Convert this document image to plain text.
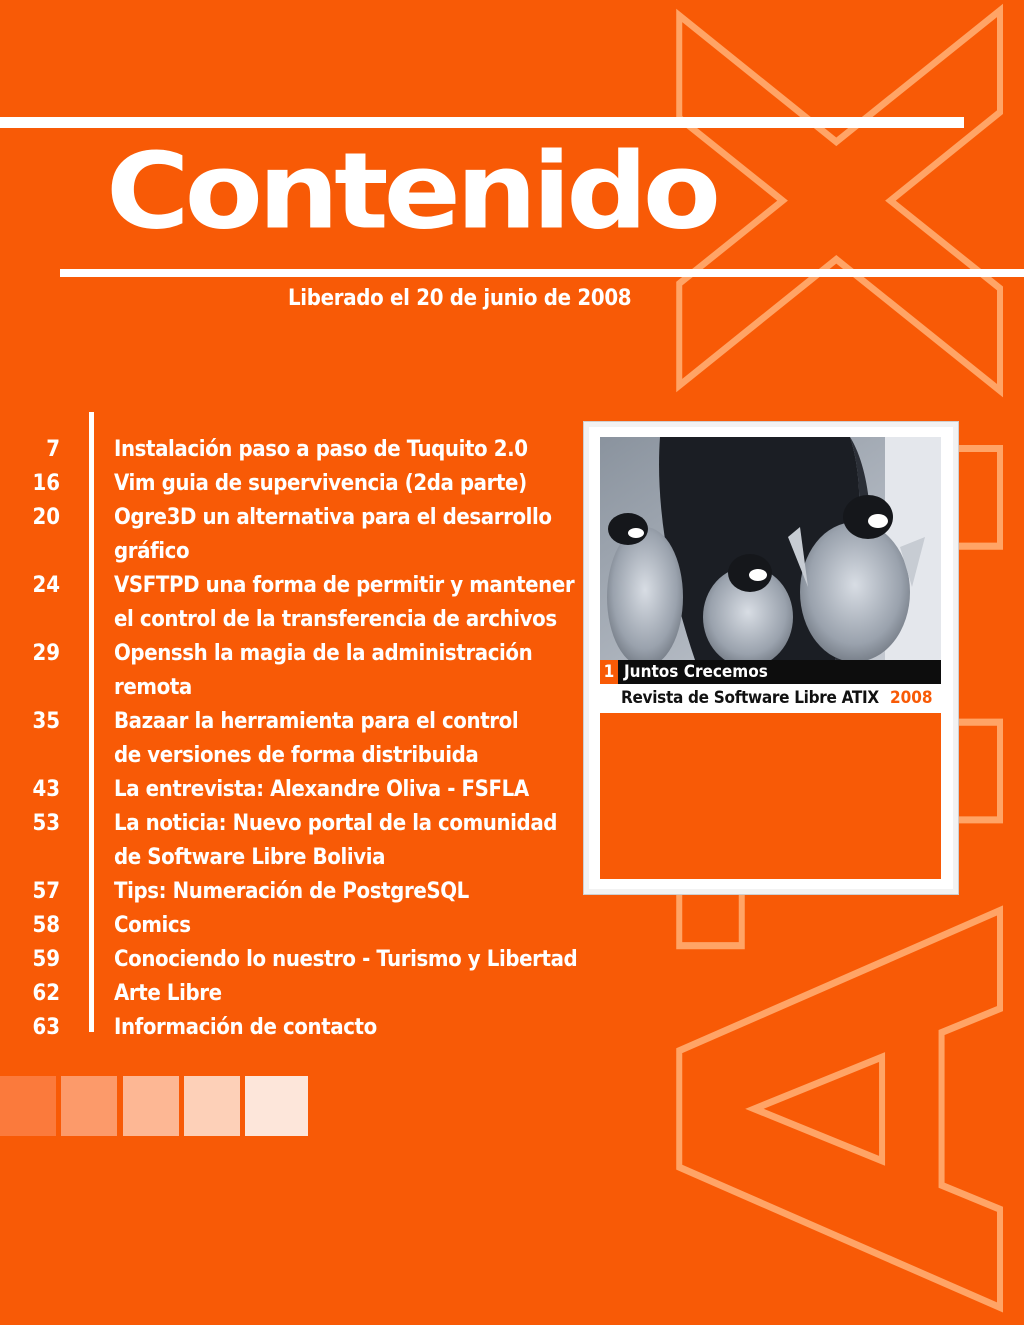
Contenido
Liberado el 20 de junio de 2008
7 Instalación paso a paso de Tuquito 2.0
16 Vim guia de supervivencia (2da parte)
20 Ogre3D un alternativa para el desarrollo
gráfico
24 VSFTPD una forma de permitir y mantener
el control de la transferencia de archivos
29 Openssh la magia de la administración
remota
35 Bazaar la herramienta para el control
de versiones de forma distribuida
43 La entrevista: Alexandre Oliva - FSFLA
53 La noticia: Nuevo portal de la comunidad
de Software Libre Bolivia
57 Tips: Numeración de PostgreSQL
58 Comics
59 Conociendo lo nuestro - Turismo y Libertad
62 Arte Libre
63 Información de contacto
1 Juntos Crecemos
Revista de Software Libre ATIX 2008
